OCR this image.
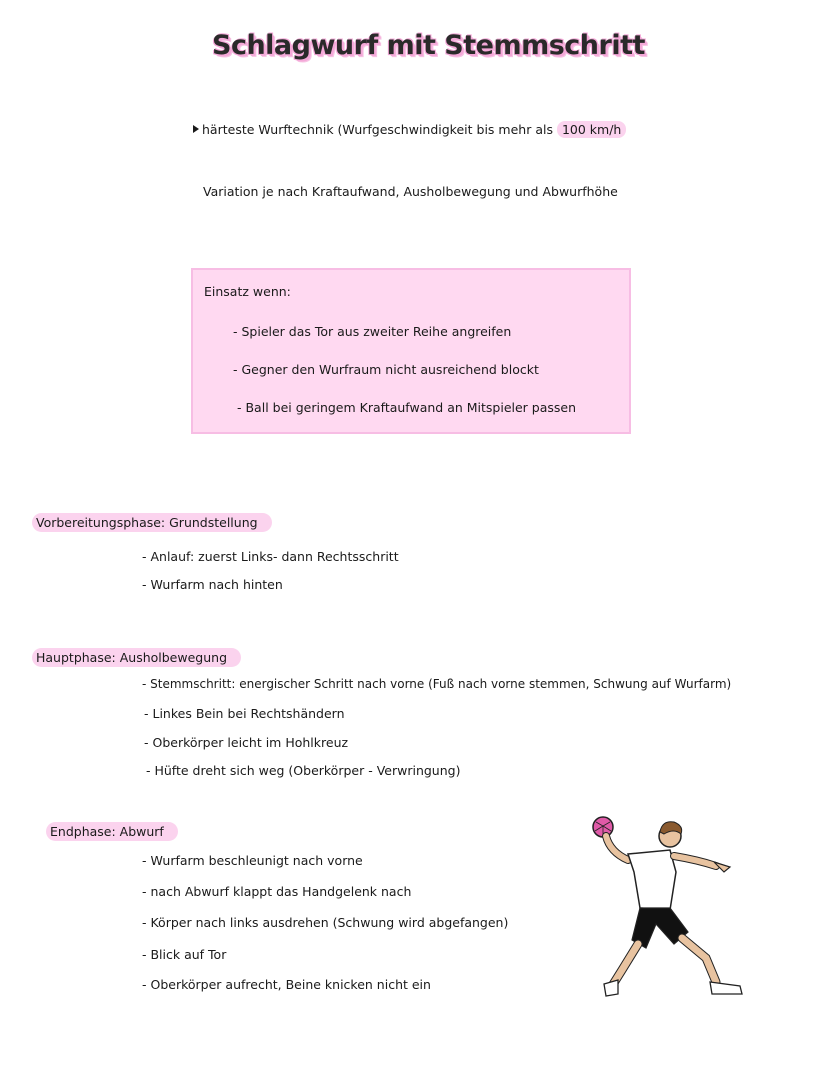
Schlagwurf mit Stemmschritt
härteste Wurftechnik (Wurfgeschwindigkeit bis mehr als 100 km/h
Variation je nach Kraftaufwand, Ausholbewegung und Abwurfhöhe
Einsatz wenn:
- Spieler das Tor aus zweiter Reihe angreifen
- Gegner den Wurfraum nicht ausreichend blockt
- Ball bei geringem Kraftaufwand an Mitspieler passen
Vorbereitungsphase: Grundstellung
- Anlauf: zuerst Links- dann Rechtsschritt
- Wurfarm nach hinten
Hauptphase: Ausholbewegung
- Stemmschritt: energischer Schritt nach vorne (Fuß nach vorne stemmen, Schwung auf Wurfarm)
- Linkes Bein bei Rechtshändern
- Oberkörper leicht im Hohlkreuz
- Hüfte dreht sich weg (Oberkörper - Verwringung)
Endphase: Abwurf
- Wurfarm beschleunigt nach vorne
- nach Abwurf klappt das Handgelenk nach
- Körper nach links ausdrehen (Schwung wird abgefangen)
- Blick auf Tor
- Oberkörper aufrecht, Beine knicken nicht ein
